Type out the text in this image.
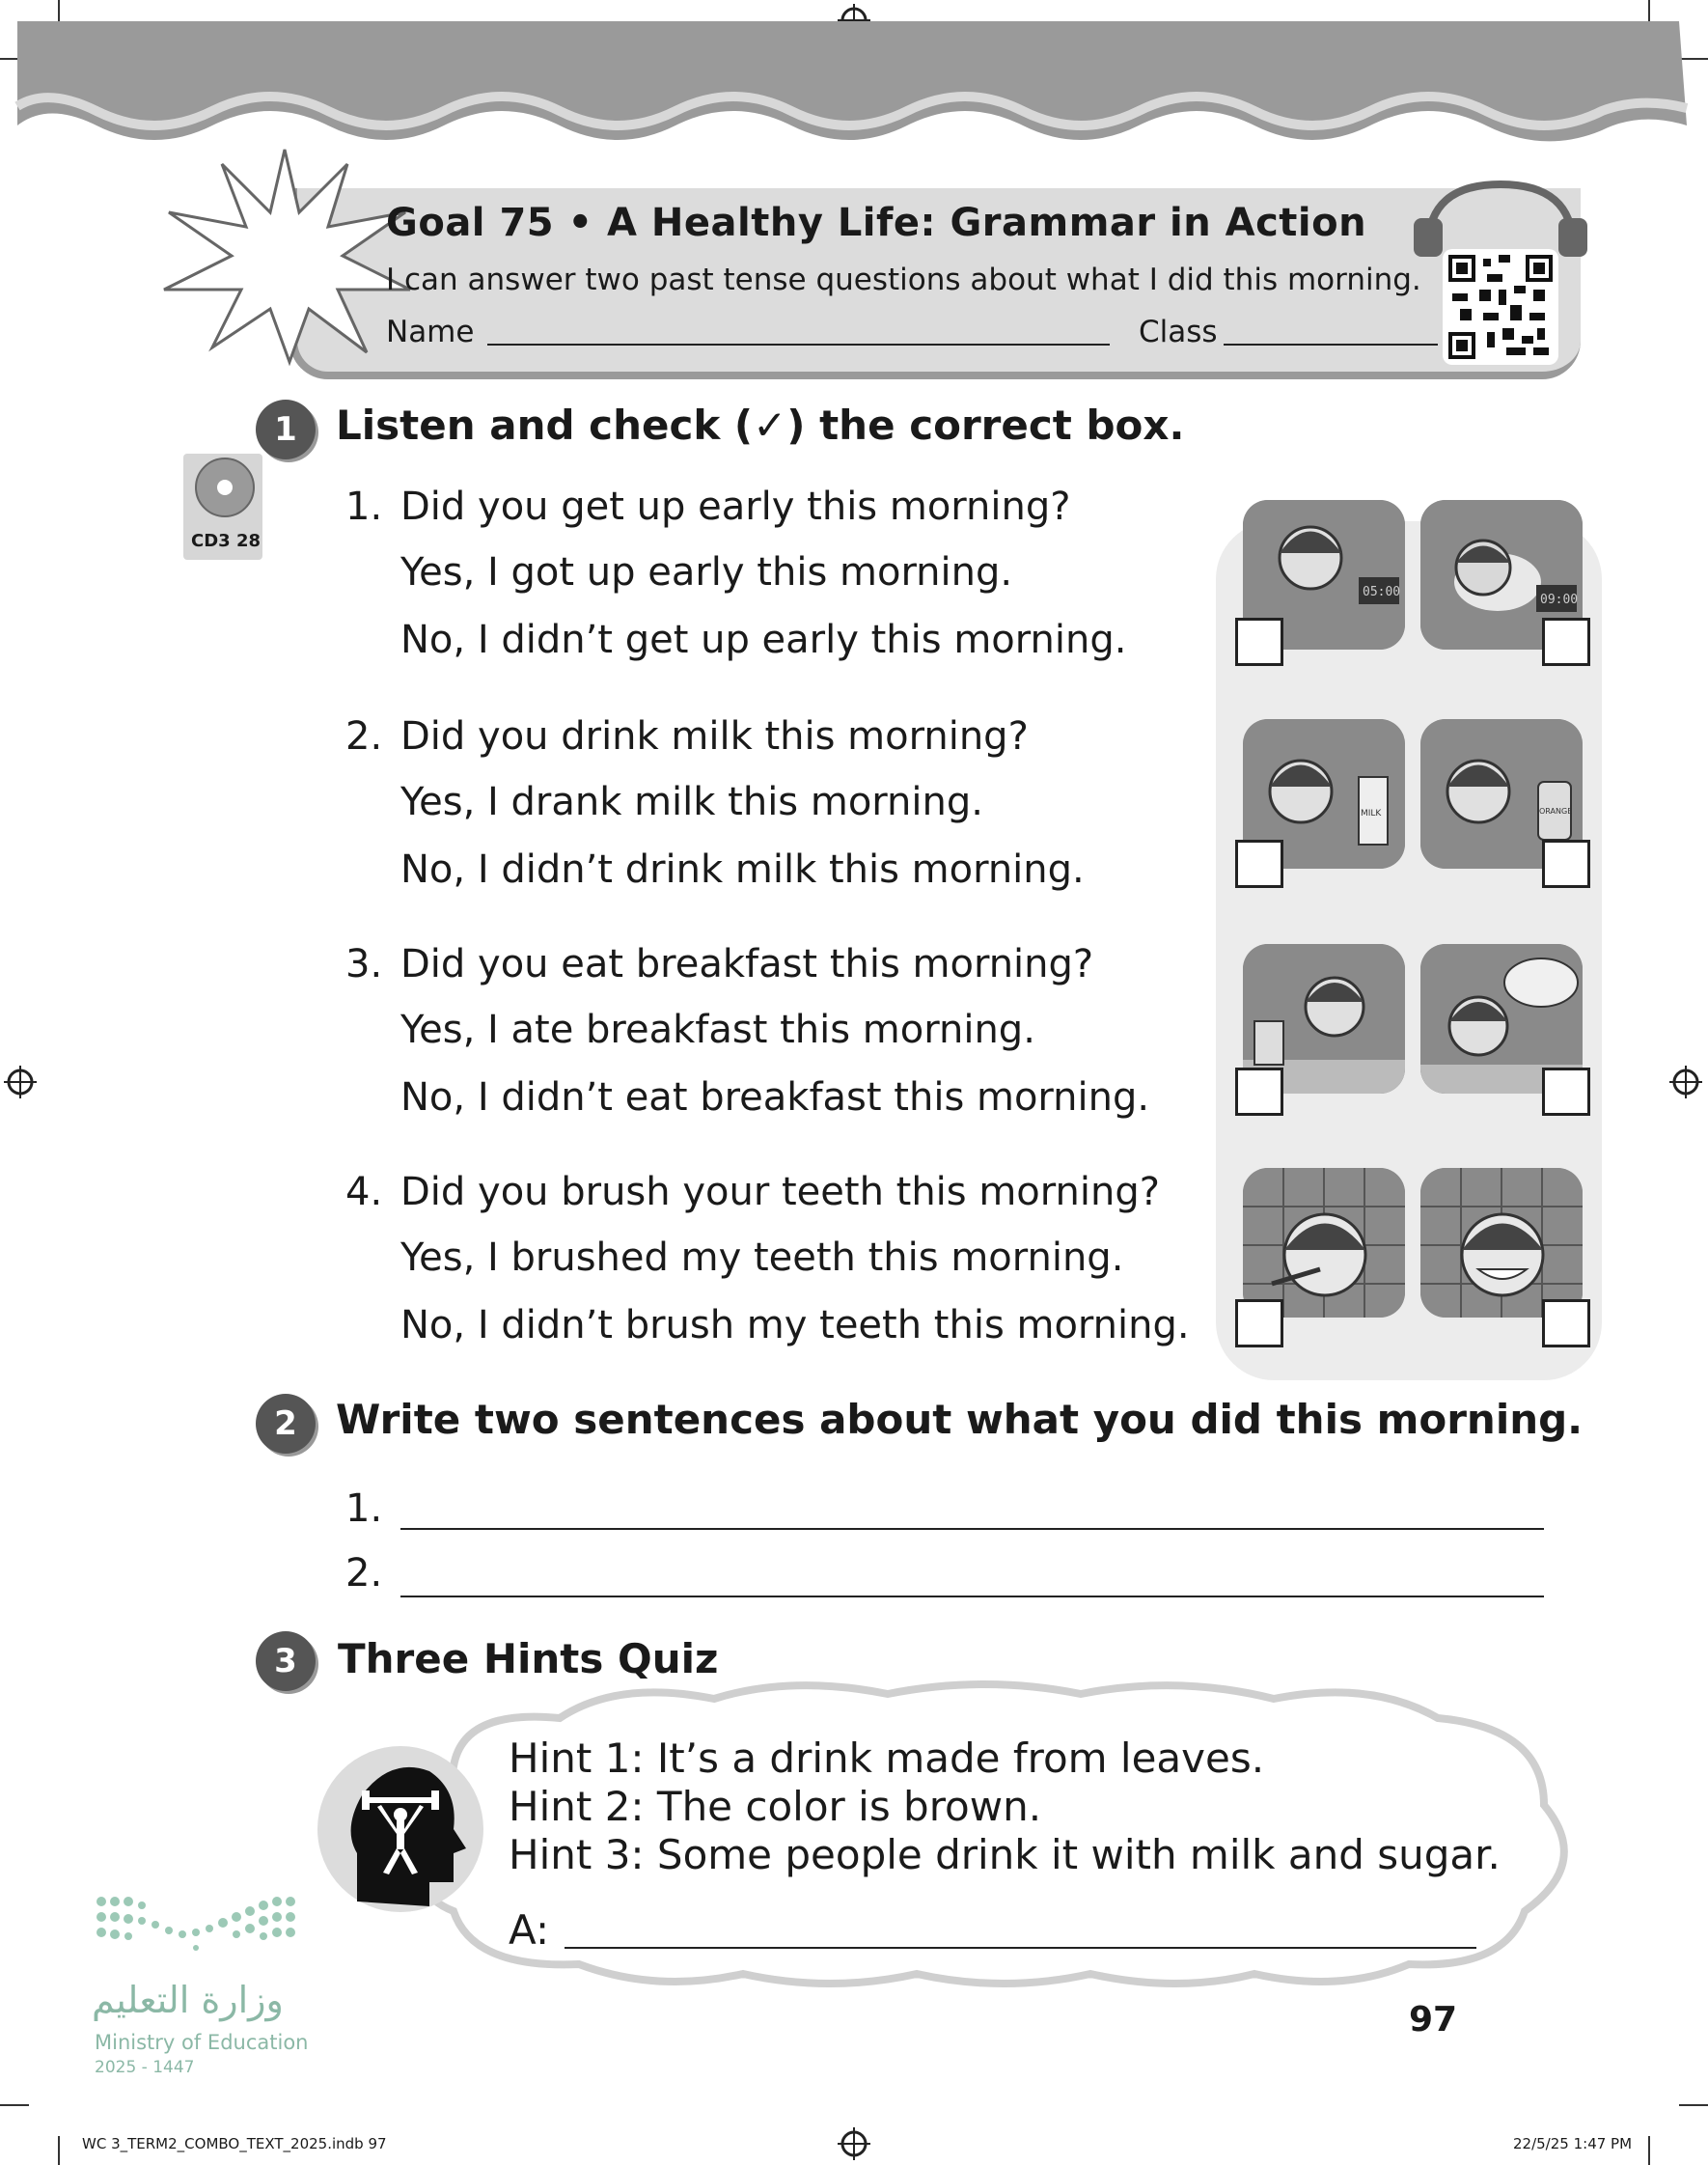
Goal 75 • A Healthy Life: Grammar in Action
I can answer two past tense questions about what I did this morning.
Name	Class
1 Listen and check (✓) the correct box.
CD3 28
1. Did you get up early this morning?
Yes, I got up early this morning.
No, I didn’t get up early this morning.
05:00
09:00
2. Did you drink milk this morning?
Yes, I drank milk this morning.
No, I didn’t drink milk this morning.
MILK	ORANGE
3. Did you eat breakfast this morning?
Yes, I ate breakfast this morning.
No, I didn’t eat breakfast this morning.
4. Did you brush your teeth this morning?
Yes, I brushed my teeth this morning.
No, I didn’t brush my teeth this morning.
2 Write two sentences about what you did this morning.
1.
2.
3	Three Hints Quiz
Hint 1: It’s a drink made from leaves.
Hint 2: The color is brown.
Hint 3: Some people drink it with milk and sugar.
A:
وزارة التعليم
Ministry of Education
2025 - 1447
97
WC 3_TERM2_COMBO_TEXT_2025.indb 97	22/5/25 1:47 PM
